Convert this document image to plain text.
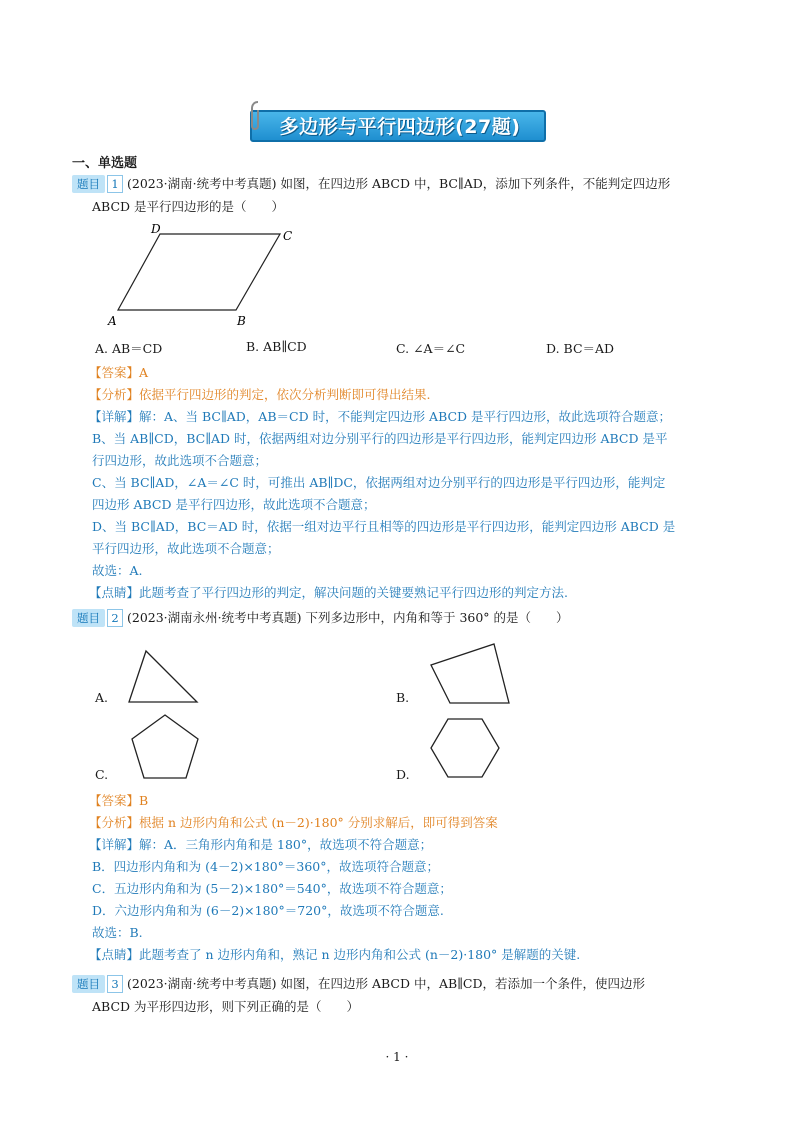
多边形与平行四边形(27题)
一、单选题
题目 1 (2023·湖南·统考中考真题) 如图，在四边形 ABCD 中，BC∥AD，添加下列条件，不能判定四边形
ABCD 是平行四边形的是（　　）
A	B
C
D
A. AB＝CD	B. AB∥CD	C. ∠A＝∠C	D. BC＝AD
【答案】A
【分析】依据平行四边形的判定，依次分析判断即可得出结果.
【详解】解：A、当 BC∥AD，AB＝CD 时，不能判定四边形 ABCD 是平行四边形，故此选项符合题意；
B、当 AB∥CD，BC∥AD 时，依据两组对边分别平行的四边形是平行四边形，能判定四边形 ABCD 是平
行四边形，故此选项不合题意；
C、当 BC∥AD，∠A＝∠C 时，可推出 AB∥DC，依据两组对边分别平行的四边形是平行四边形，能判定
四边形 ABCD 是平行四边形，故此选项不合题意；
D、当 BC∥AD，BC＝AD 时，依据一组对边平行且相等的四边形是平行四边形，能判定四边形 ABCD 是
平行四边形，故此选项不合题意；
故选：A.
【点睛】此题考查了平行四边形的判定，解决问题的关键要熟记平行四边形的判定方法.
题目 2 (2023·湖南永州·统考中考真题) 下列多边形中，内角和等于 360° 的是（　　）
A.	B.
C.	D.
【答案】B
【分析】根据 n 边形内角和公式 (n－2)·180° 分别求解后，即可得到答案
【详解】解：A．三角形内角和是 180°，故选项不符合题意；
B．四边形内角和为 (4－2)×180°＝360°，故选项符合题意；
C．五边形内角和为 (5－2)×180°＝540°，故选项不符合题意；
D．六边形内角和为 (6－2)×180°＝720°，故选项不符合题意.
故选：B.
【点睛】此题考查了 n 边形内角和，熟记 n 边形内角和公式 (n－2)·180° 是解题的关键.
题目 3 (2023·湖南·统考中考真题) 如图，在四边形 ABCD 中，AB∥CD，若添加一个条件，使四边形
ABCD 为平形四边形，则下列正确的是（　　）
· 1 ·
